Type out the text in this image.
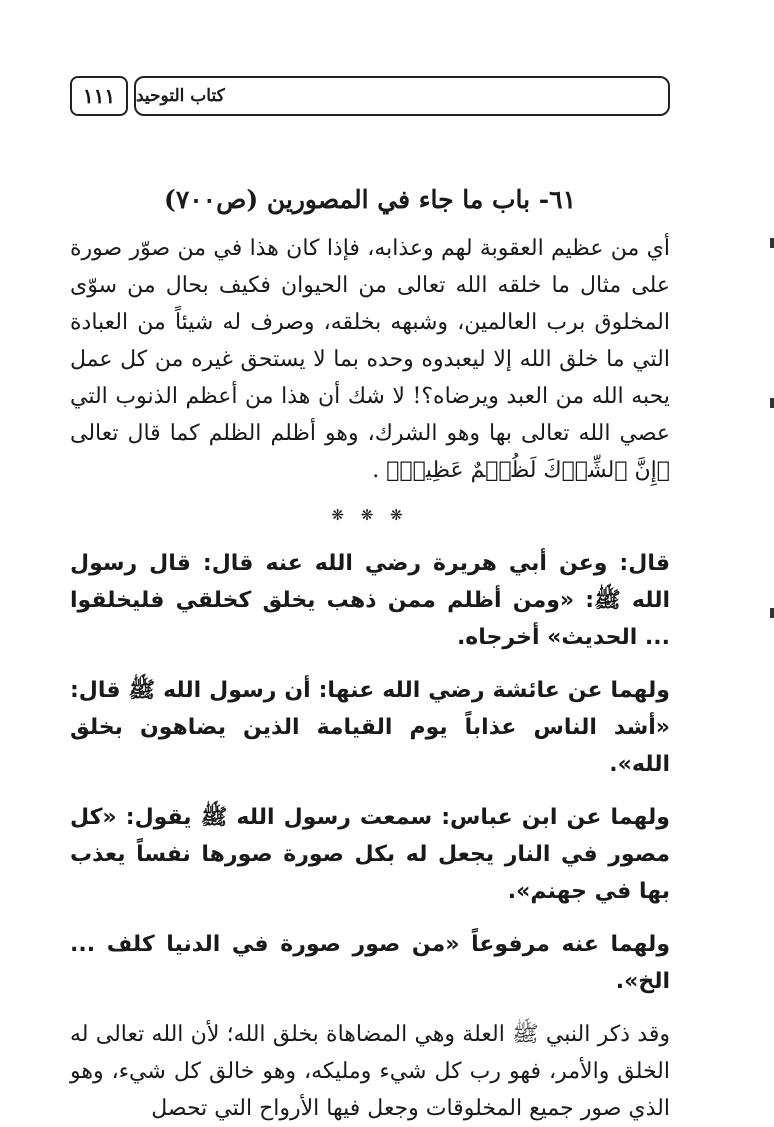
١١١	كتاب التوحيد
٦١- باب ما جاء في المصورين (ص٧٠٠)

أي من عظيم العقوبة لهم وعذابه، فإذا كان هذا في من صوّر صورة على مثال ما خلقه الله تعالى من الحيوان فكيف بحال من سوّى المخلوق برب العالمين، وشبهه بخلقه، وصرف له شيئاً من العبادة التي ما خلق الله إلا ليعبدوه وحده بما لا يستحق غيره من كل عمل يحبه الله من العبد ويرضاه؟! لا شك أن هذا من أعظم الذنوب التي عصي الله تعالى بها وهو الشرك، وهو أظلم الظلم كما قال تعالى ﴿إِنَّ ٱلشِّرۡكَ لَظُلۡمٌ عَظِيمٞ﴾ .

❋ ❋ ❋

قال: وعن أبي هريرة رضي الله عنه قال: قال رسول الله ﷺ: «ومن أظلم ممن ذهب يخلق كخلقي فليخلقوا ... الحديث» أخرجاه.

ولهما عن عائشة رضي الله عنها: أن رسول الله ﷺ قال: «أشد الناس عذاباً يوم القيامة الذين يضاهون بخلق الله».

ولهما عن ابن عباس: سمعت رسول الله ﷺ يقول: «كل مصور في النار يجعل له بكل صورة صورها نفساً يعذب بها في جهنم».

ولهما عنه مرفوعاً «من صور صورة في الدنيا كلف ... الخ».

وقد ذكر النبي ﷺ العلة وهي المضاهاة بخلق الله؛ لأن الله تعالى له الخلق والأمر، فهو رب كل شيء ومليكه، وهو خالق كل شيء، وهو الذي صور جميع المخلوقات وجعل فيها الأرواح التي تحصل
